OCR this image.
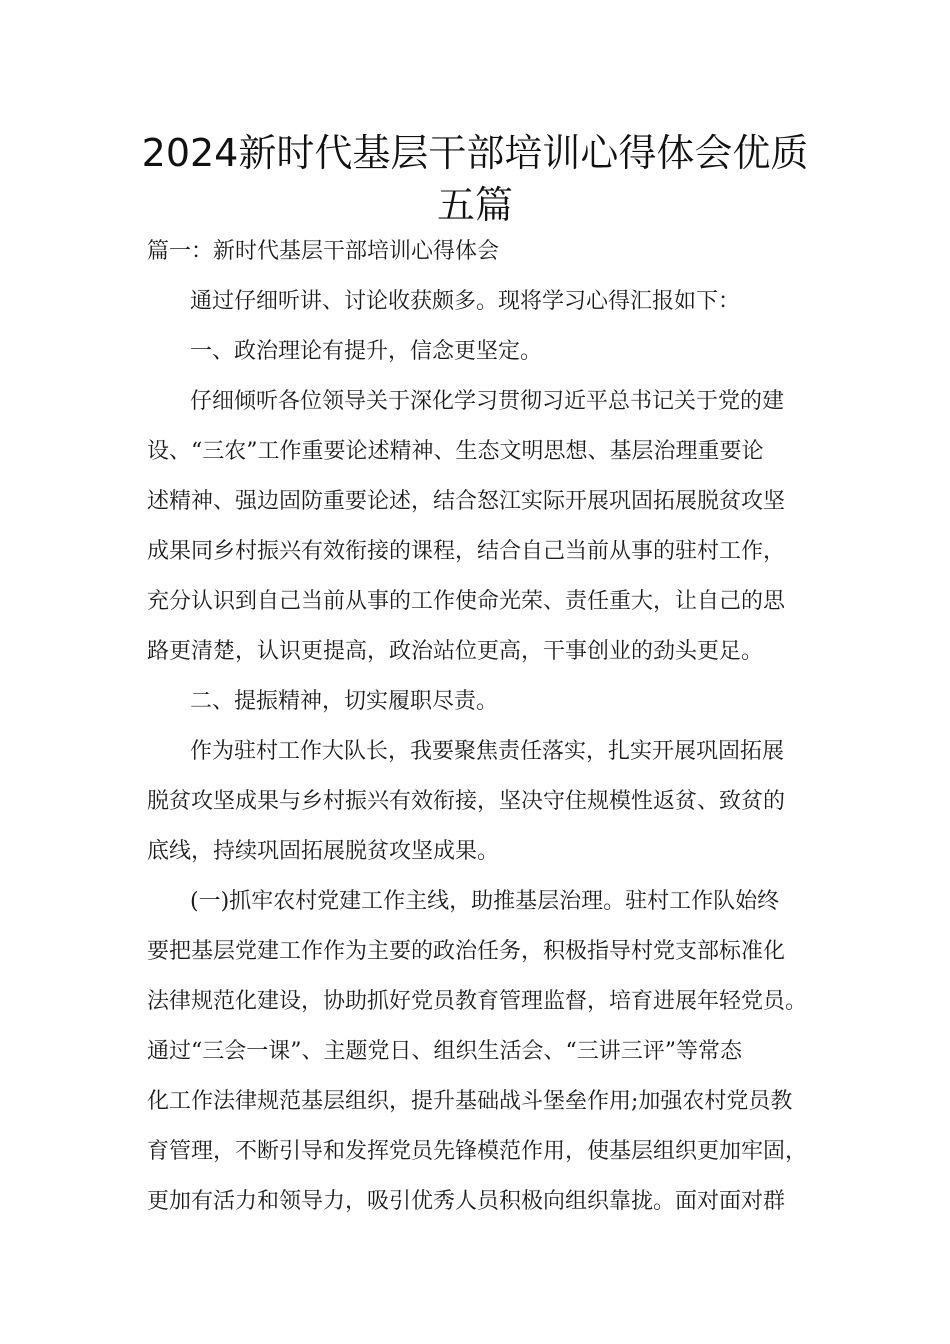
2024新时代基层干部培训心得体会优质
五篇

篇一：新时代基层干部培训心得体会

通过仔细听讲、讨论收获颇多。现将学习心得汇报如下：

一、政治理论有提升，信念更坚定。

仔细倾听各位领导关于深化学习贯彻习近平总书记关于党的建

设、“三农”工作重要论述精神、生态文明思想、基层治理重要论

述精神、强边固防重要论述，结合怒江实际开展巩固拓展脱贫攻坚

成果同乡村振兴有效衔接的课程，结合自己当前从事的驻村工作，

充分认识到自己当前从事的工作使命光荣、责任重大，让自己的思

路更清楚，认识更提高，政治站位更高，干事创业的劲头更足。

二、提振精神，切实履职尽责。

作为驻村工作大队长，我要聚焦责任落实，扎实开展巩固拓展

脱贫攻坚成果与乡村振兴有效衔接，坚决守住规模性返贫、致贫的

底线，持续巩固拓展脱贫攻坚成果。

(一)抓牢农村党建工作主线，助推基层治理。驻村工作队始终

要把基层党建工作作为主要的政治任务，积极指导村党支部标准化

法律规范化建设，协助抓好党员教育管理监督，培育进展年轻党员。

通过“三会一课”、主题党日、组织生活会、“三讲三评”等常态

化工作法律规范基层组织，提升基础战斗堡垒作用;加强农村党员教

育管理，不断引导和发挥党员先锋模范作用，使基层组织更加牢固，

更加有活力和领导力，吸引优秀人员积极向组织靠拢。面对面对群
